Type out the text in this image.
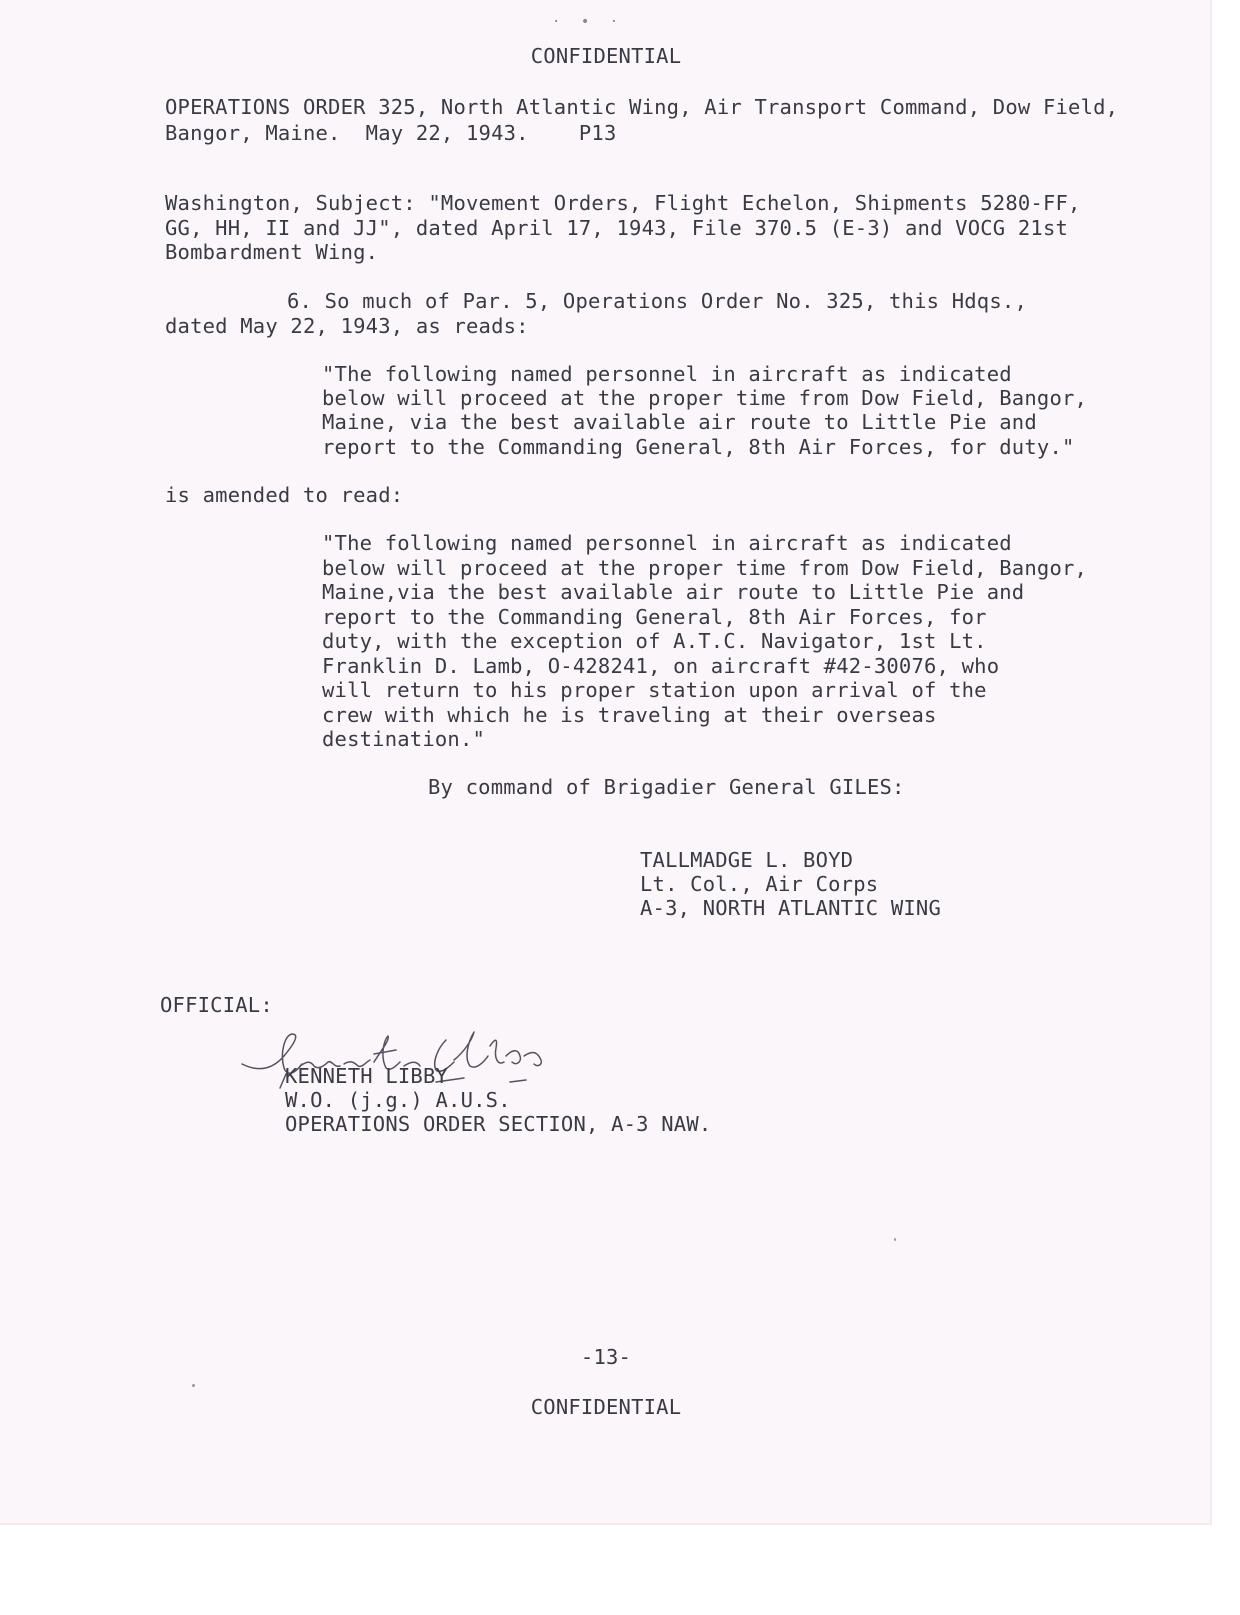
· • ·
CONFIDENTIAL
OPERATIONS ORDER 325, North Atlantic Wing, Air Transport Command, Dow Field,
Bangor, Maine.  May 22, 1943.    P13
Washington, Subject: "Movement Orders, Flight Echelon, Shipments 5280-FF,
GG, HH, II and JJ", dated April 17, 1943, File 370.5 (E-3) and VOCG 21st
Bombardment Wing.
6. So much of Par. 5, Operations Order No. 325, this Hdqs.,
dated May 22, 1943, as reads:
"The following named personnel in aircraft as indicated
below will proceed at the proper time from Dow Field, Bangor,
Maine, via the best available air route to Little Pie and
report to the Commanding General, 8th Air Forces, for duty."
is amended to read:
"The following named personnel in aircraft as indicated
below will proceed at the proper time from Dow Field, Bangor,
Maine,via the best available air route to Little Pie and
report to the Commanding General, 8th Air Forces, for
duty, with the exception of A.T.C. Navigator, 1st Lt.
Franklin D. Lamb, O-428241, on aircraft #42-30076, who
will return to his proper station upon arrival of the
crew with which he is traveling at their overseas
destination."
By command of Brigadier General GILES:
TALLMADGE L. BOYD
Lt. Col., Air Corps
A-3, NORTH ATLANTIC WING
OFFICIAL:
KENNETH LIBBY
W.O. (j.g.) A.U.S.
OPERATIONS ORDER SECTION, A-3 NAW.
-13-
CONFIDENTIAL
